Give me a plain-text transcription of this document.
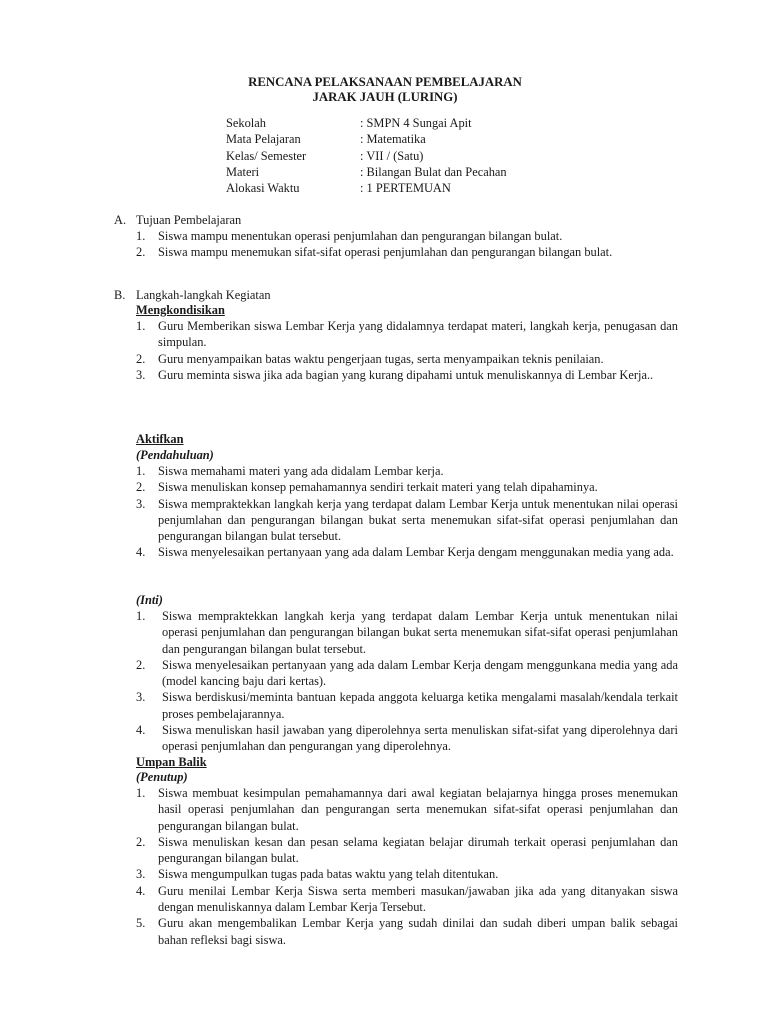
RENCANA PELAKSANAAN PEMBELAJARAN
JARAK JAUH (LURING)
Sekolah	: SMPN 4 Sungai Apit
Mata Pelajaran	: Matematika
Kelas/ Semester	: VII / (Satu)
Materi	: Bilangan Bulat dan Pecahan
Alokasi Waktu	: 1 PERTEMUAN
A. Tujuan Pembelajaran
1. Siswa mampu menentukan operasi penjumlahan dan pengurangan bilangan bulat.
2. Siswa mampu menemukan sifat-sifat operasi penjumlahan dan pengurangan bilangan bulat.
B. Langkah-langkah Kegiatan
Mengkondisikan
1. Guru Memberikan siswa Lembar Kerja yang didalamnya terdapat materi, langkah kerja, penugasan dan simpulan.
2. Guru menyampaikan batas waktu pengerjaan tugas, serta menyampaikan teknis penilaian.
3. Guru meminta siswa jika ada bagian yang kurang dipahami untuk menuliskannya di Lembar Kerja..
Aktifkan
(Pendahuluan)
1. Siswa memahami materi yang ada didalam Lembar kerja.
2. Siswa menuliskan konsep pemahamannya sendiri terkait materi yang telah dipahaminya.
3. Siswa mempraktekkan langkah kerja yang terdapat dalam Lembar Kerja untuk menentukan nilai operasi penjumlahan dan pengurangan bilangan bukat serta menemukan sifat-sifat operasi penjumlahan dan pengurangan bilangan bulat tersebut.
4. Siswa menyelesaikan pertanyaan yang ada dalam Lembar Kerja dengam menggunakan media yang ada.
(Inti)
1. Siswa mempraktekkan langkah kerja yang terdapat dalam Lembar Kerja untuk menentukan nilai operasi penjumlahan dan pengurangan bilangan bukat serta menemukan sifat-sifat operasi penjumlahan dan pengurangan bilangan bulat tersebut.
2. Siswa menyelesaikan pertanyaan yang ada dalam Lembar Kerja dengam menggunkana media yang ada (model kancing baju dari kertas).
3. Siswa berdiskusi/meminta bantuan kepada anggota keluarga ketika mengalami masalah/kendala terkait proses pembelajarannya.
4. Siswa menuliskan hasil jawaban yang diperolehnya serta menuliskan sifat-sifat yang diperolehnya dari operasi penjumlahan dan pengurangan yang diperolehnya.
Umpan Balik
(Penutup)
1. Siswa membuat kesimpulan pemahamannya dari awal kegiatan belajarnya hingga proses menemukan hasil operasi penjumlahan dan pengurangan serta menemukan sifat-sifat operasi penjumlahan dan pengurangan bilangan bulat.
2. Siswa menuliskan kesan dan pesan selama kegiatan belajar dirumah terkait operasi penjumlahan dan pengurangan bilangan bulat.
3. Siswa mengumpulkan tugas pada batas waktu yang telah ditentukan.
4. Guru menilai Lembar Kerja Siswa serta memberi masukan/jawaban jika ada yang ditanyakan siswa dengan menuliskannya dalam Lembar Kerja Tersebut.
5. Guru akan mengembalikan Lembar Kerja yang sudah dinilai dan sudah diberi umpan balik sebagai bahan refleksi bagi siswa.
